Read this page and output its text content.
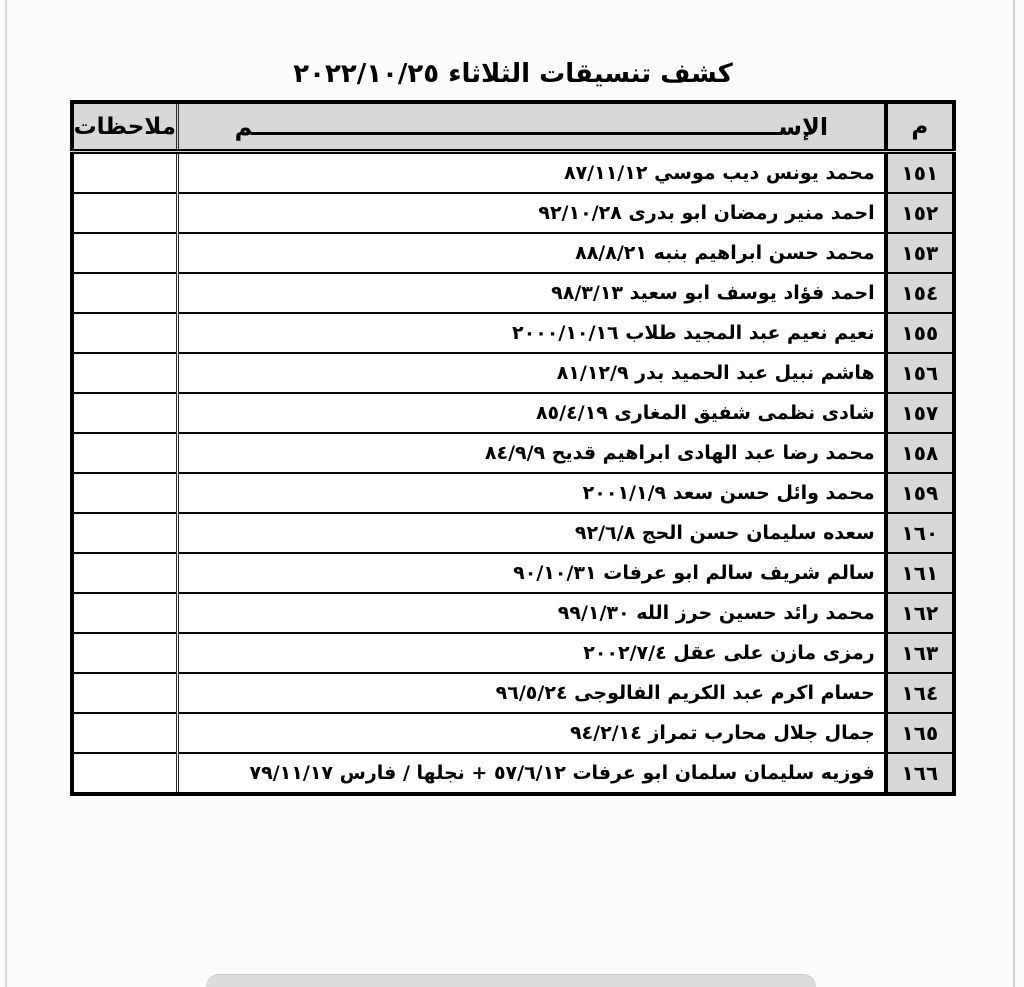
كشف تنسيقات الثلاثاء ٢٠٢٢/١٠/٢٥
م	الإســــــــــــــــــــــــــــــــــــــــــــــــــــــــــــــــم	ملاحظات
١٥١	محمد يونس ديب موسي ٨٧/١١/١٢	
١٥٢	احمد منير رمضان ابو بدرى ٩٢/١٠/٢٨	
١٥٣	محمد حسن ابراهيم بنبه ٨٨/٨/٢١	
١٥٤	احمد فؤاد يوسف ابو سعيد ٩٨/٣/١٣	
١٥٥	نعيم نعيم عبد المجيد طلاب ٢٠٠٠/١٠/١٦	
١٥٦	هاشم نبيل عبد الحميد بدر ٨١/١٢/٩	
١٥٧	شادى نظمى شفيق المغارى ٨٥/٤/١٩	
١٥٨	محمد رضا عبد الهادى ابراهيم قديح ٨٤/٩/٩	
١٥٩	محمد وائل حسن سعد ٢٠٠١/١/٩	
١٦٠	سعده سليمان حسن الحج ٩٢/٦/٨	
١٦١	سالم شريف سالم ابو عرفات ٩٠/١٠/٣١	
١٦٢	محمد رائد حسين حرز الله ٩٩/١/٣٠	
١٦٣	رمزى مازن على عقل ٢٠٠٢/٧/٤	
١٦٤	حسام اكرم عبد الكريم الفالوجى ٩٦/٥/٢٤	
١٦٥	جمال جلال محارب تمراز ٩٤/٢/١٤	
١٦٦	فوزيه سليمان سلمان ابو عرفات ٥٧/٦/١٢ + نجلها / فارس ٧٩/١١/١٧	
